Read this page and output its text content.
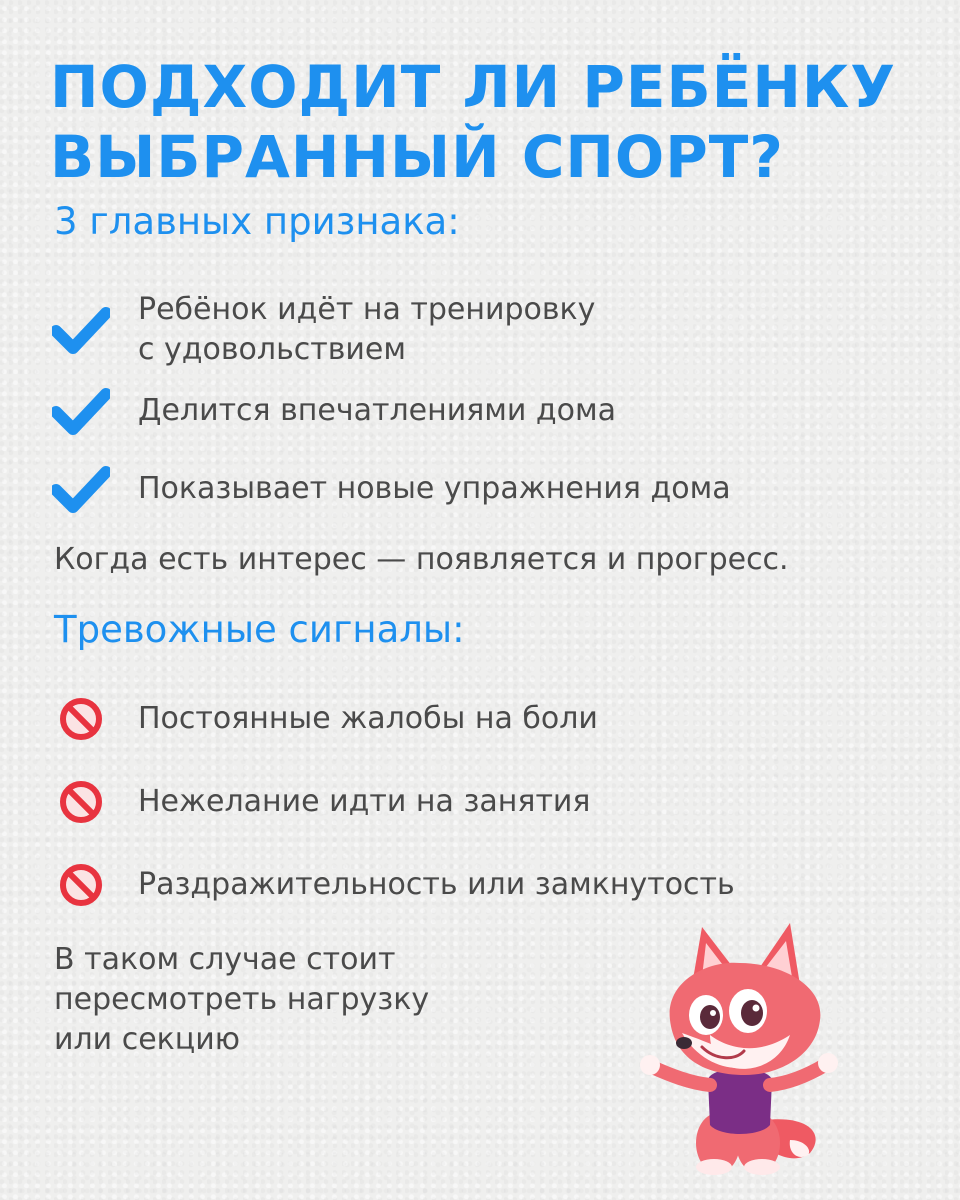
ПОДХОДИТ ЛИ РЕБЁНКУ
ВЫБРАННЫЙ СПОРТ?
3 главных признака:
Ребёнок идёт на тренировку
с удовольствием
Делится впечатлениями дома
Показывает новые упражнения дома
Когда есть интерес — появляется и прогресс.
Тревожные сигналы:
Постоянные жалобы на боли
Нежелание идти на занятия
Раздражительность или замкнутость
В таком случае стоит
пересмотреть нагрузку
или секцию
